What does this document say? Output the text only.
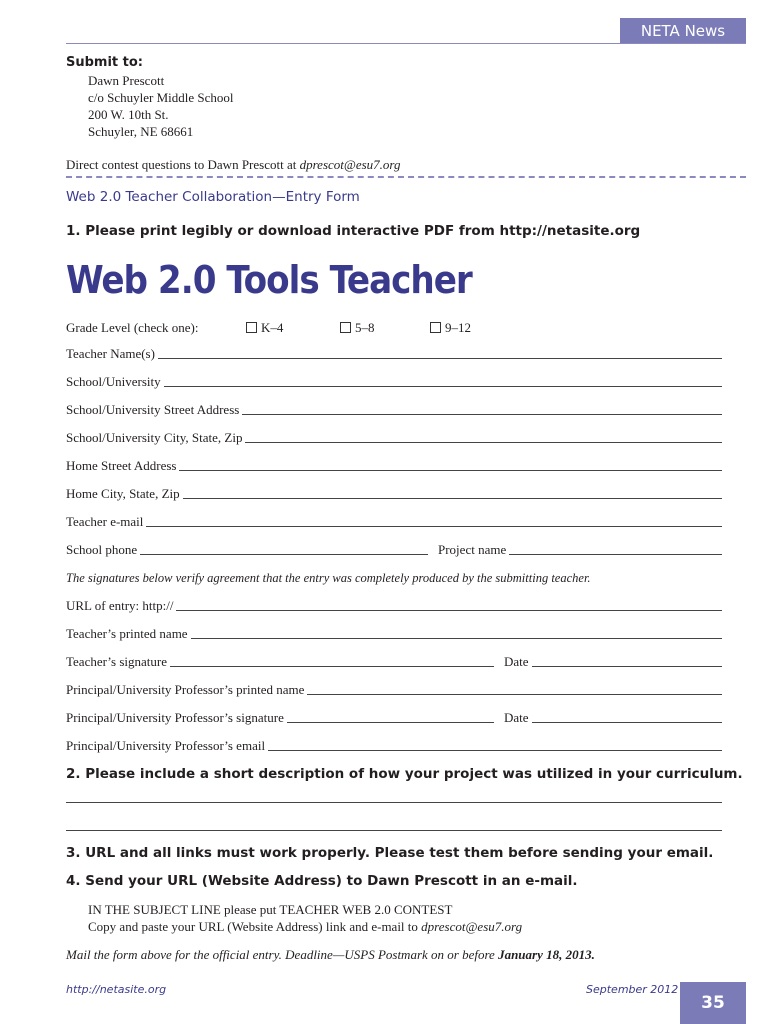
NETA News
Submit to:
Dawn Prescott
c/o Schuyler Middle School
200 W. 10th St.
Schuyler, NE 68661
Direct contest questions to Dawn Prescott at dprescot@esu7.org
Web 2.0 Teacher Collaboration—Entry Form
1. Please print legibly or download interactive PDF from http://netasite.org
Web 2.0 Tools Teacher
Grade Level (check one):	K–4	5–8	9–12
Teacher Name(s)
School/University
School/University Street Address
School/University City, State, Zip
Home Street Address
Home City, State, Zip
Teacher e-mail
School phone	Project name
The signatures below verify agreement that the entry was completely produced by the submitting teacher.
URL of entry: http://
Teacher’s printed name
Teacher’s signature	Date
Principal/University Professor’s printed name
Principal/University Professor’s signature	Date
Principal/University Professor’s email
2. Please include a short description of how your project was utilized in your curriculum.
3. URL and all links must work properly. Please test them before sending your email.
4. Send your URL (Website Address) to Dawn Prescott in an e-mail.
IN THE SUBJECT LINE please put TEACHER WEB 2.0 CONTEST
Copy and paste your URL (Website Address) link and e-mail to dprescot@esu7.org
Mail the form above for the official entry. Deadline—USPS Postmark on or before January 18, 2013.
http://netasite.org	September 2012
35
